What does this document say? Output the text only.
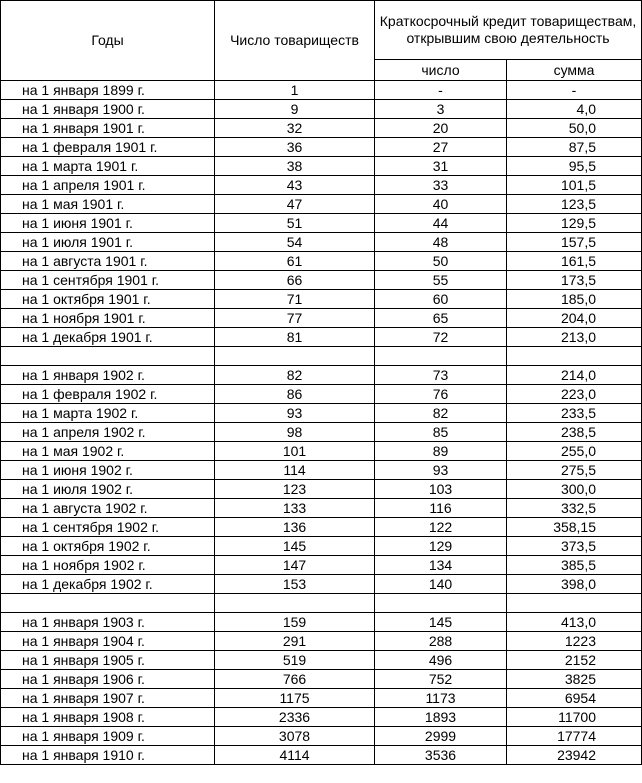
Годы	Число товариществ	Краткосрочный кредит товариществам, открывшим свою деятельность	
		число	сумма
на 1 января 1899 г.	1	-	-
на 1 января 1900 г.	9	3	4,0
на 1 января 1901 г.	32	20	50,0
на 1 февраля 1901 г.	36	27	87,5
на 1 марта 1901 г.	38	31	95,5
на 1 апреля 1901 г.	43	33	101,5
на 1 мая 1901 г.	47	40	123,5
на 1 июня 1901 г.	51	44	129,5
на 1 июля 1901 г.	54	48	157,5
на 1 августа 1901 г.	61	50	161,5
на 1 сентября 1901 г.	66	55	173,5
на 1 октября 1901 г.	71	60	185,0
на 1 ноября 1901 г.	77	65	204,0
на 1 декабря 1901 г.	81	72	213,0

на 1 января 1902 г.	82	73	214,0
на 1 февраля 1902 г.	86	76	223,0
на 1 марта 1902 г.	93	82	233,5
на 1 апреля 1902 г.	98	85	238,5
на 1 мая 1902 г.	101	89	255,0
на 1 июня 1902 г.	114	93	275,5
на 1 июля 1902 г.	123	103	300,0
на 1 августа 1902 г.	133	116	332,5
на 1 сентября 1902 г.	136	122	358,15
на 1 октября 1902 г.	145	129	373,5
на 1 ноября 1902 г.	147	134	385,5
на 1 декабря 1902 г.	153	140	398,0

на 1 января 1903 г.	159	145	413,0
на 1 января 1904 г.	291	288	1223
на 1 января 1905 г.	519	496	2152
на 1 января 1906 г.	766	752	3825
на 1 января 1907 г.	1175	1173	6954
на 1 января 1908 г.	2336	1893	11700
на 1 января 1909 г.	3078	2999	17774
на 1 января 1910 г.	4114	3536	23942
